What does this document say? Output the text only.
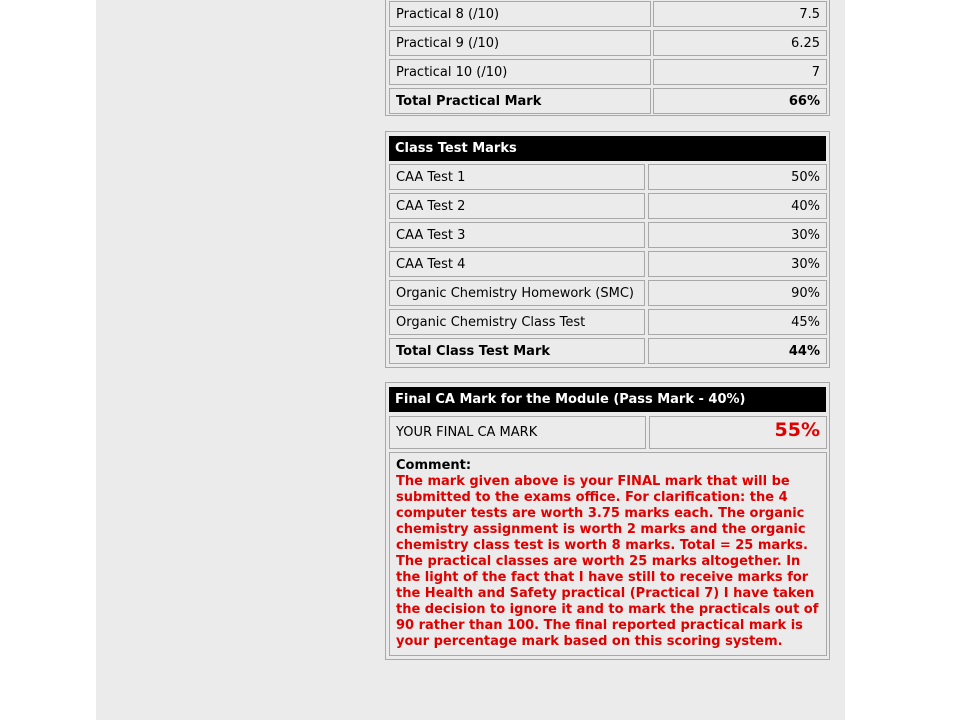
Practical 8 (/10)	7.5
Practical 9 (/10)	6.25
Practical 10 (/10)	7
Total Practical Mark	66%
Class Test Marks
CAA Test 1	50%
CAA Test 2	40%
CAA Test 3	30%
CAA Test 4	30%
Organic Chemistry Homework (SMC)	90%
Organic Chemistry Class Test	45%
Total Class Test Mark	44%
Final CA Mark for the Module (Pass Mark - 40%)
YOUR FINAL CA MARK	55%
Comment:
The mark given above is your FINAL mark that will be submitted to the exams office. For clarification: the 4 computer tests are worth 3.75 marks each. The organic chemistry assignment is worth 2 marks and the organic chemistry class test is worth 8 marks. Total = 25 marks. The practical classes are worth 25 marks altogether. In the light of the fact that I have still to receive marks for the Health and Safety practical (Practical 7) I have taken the decision to ignore it and to mark the practicals out of 90 rather than 100. The final reported practical mark is your percentage mark based on this scoring system.
